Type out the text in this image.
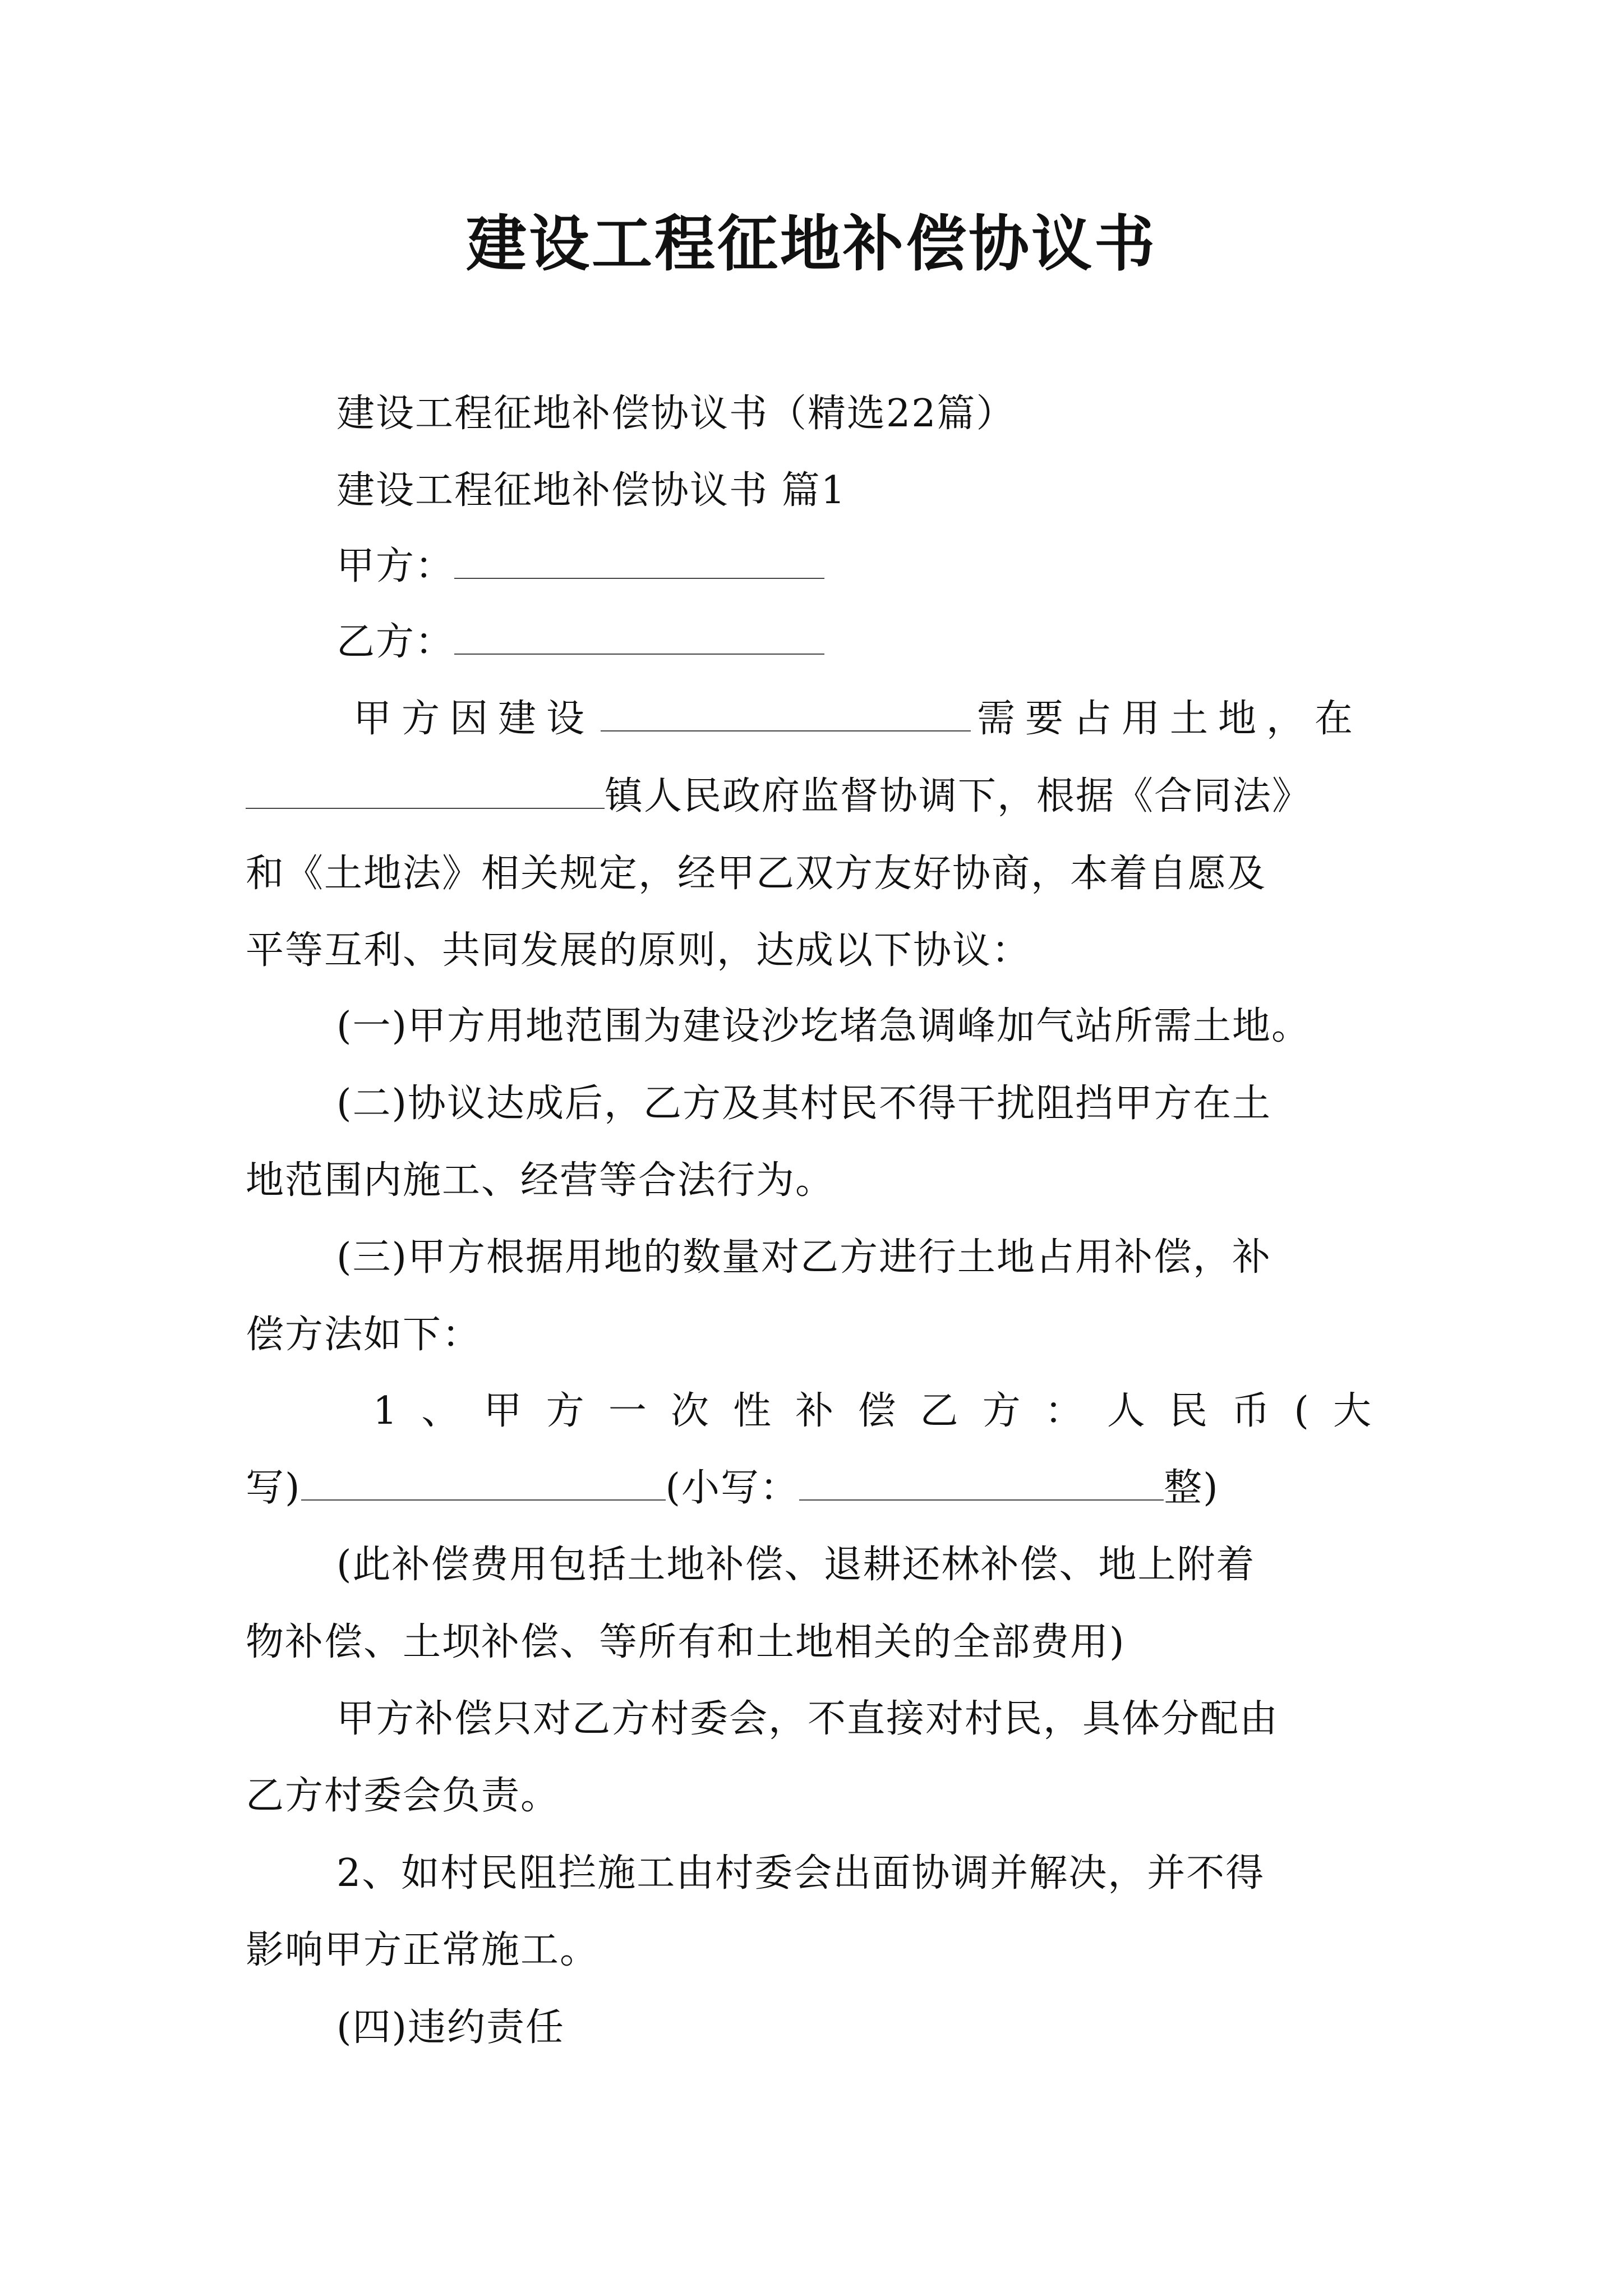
建设工程征地补偿协议书
建设工程征地补偿协议书（精选22篇）
建设工程征地补偿协议书 篇1
甲方：
乙方：
甲方因建设	需要占用土地，在
镇人民政府监督协调下，根据《合同法》
和《土地法》相关规定，经甲乙双方友好协商，本着自愿及
平等互利、共同发展的原则，达成以下协议：
(一)甲方用地范围为建设沙圪堵急调峰加气站所需土地。
(二)协议达成后，乙方及其村民不得干扰阻挡甲方在土
地范围内施工、经营等合法行为。
(三)甲方根据用地的数量对乙方进行土地占用补偿，补
偿方法如下：
1、甲方一次性补偿乙方：人民币(大
写)	(小写：	整)
(此补偿费用包括土地补偿、退耕还林补偿、地上附着
物补偿、土坝补偿、等所有和土地相关的全部费用)
甲方补偿只对乙方村委会，不直接对村民，具体分配由
乙方村委会负责。
2、如村民阻拦施工由村委会出面协调并解决，并不得
影响甲方正常施工。
(四)违约责任
